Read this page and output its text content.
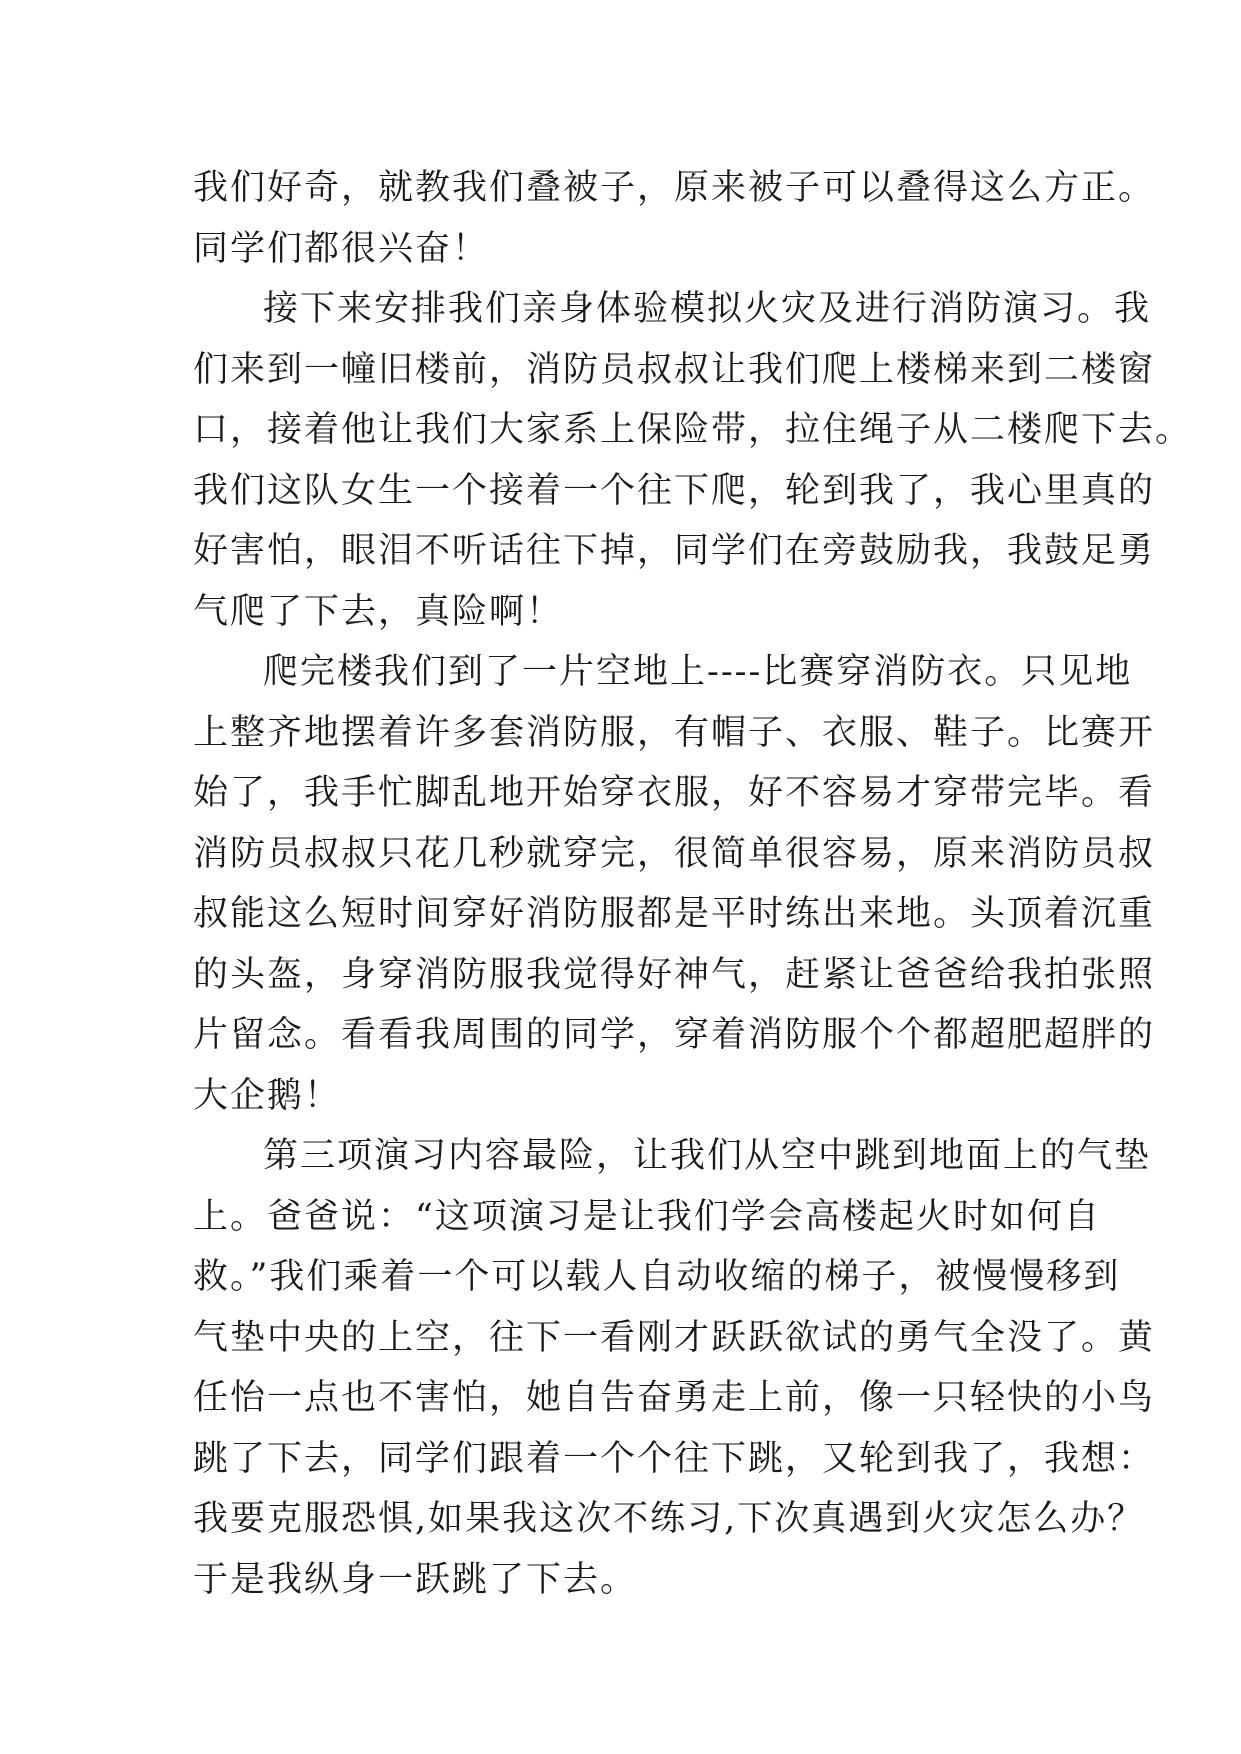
我们好奇，就教我们叠被子，原来被子可以叠得这么方正。
同学们都很兴奋！
接下来安排我们亲身体验模拟火灾及进行消防演习。我
们来到一幢旧楼前，消防员叔叔让我们爬上楼梯来到二楼窗
口，接着他让我们大家系上保险带，拉住绳子从二楼爬下去。
我们这队女生一个接着一个往下爬，轮到我了，我心里真的
好害怕，眼泪不听话往下掉，同学们在旁鼓励我，我鼓足勇
气爬了下去，真险啊！
爬完楼我们到了一片空地上----比赛穿消防衣。只见地
上整齐地摆着许多套消防服，有帽子、衣服、鞋子。比赛开
始了，我手忙脚乱地开始穿衣服，好不容易才穿带完毕。看
消防员叔叔只花几秒就穿完，很简单很容易，原来消防员叔
叔能这么短时间穿好消防服都是平时练出来地。头顶着沉重
的头盔，身穿消防服我觉得好神气，赶紧让爸爸给我拍张照
片留念。看看我周围的同学，穿着消防服个个都超肥超胖的
大企鹅！
第三项演习内容最险，让我们从空中跳到地面上的气垫
上。爸爸说：“这项演习是让我们学会高楼起火时如何自
救。”我们乘着一个可以载人自动收缩的梯子，被慢慢移到
气垫中央的上空，往下一看刚才跃跃欲试的勇气全没了。黄
任怡一点也不害怕，她自告奋勇走上前，像一只轻快的小鸟
跳了下去，同学们跟着一个个往下跳，又轮到我了，我想：
我要克服恐惧,如果我这次不练习,下次真遇到火灾怎么办？
于是我纵身一跃跳了下去。
